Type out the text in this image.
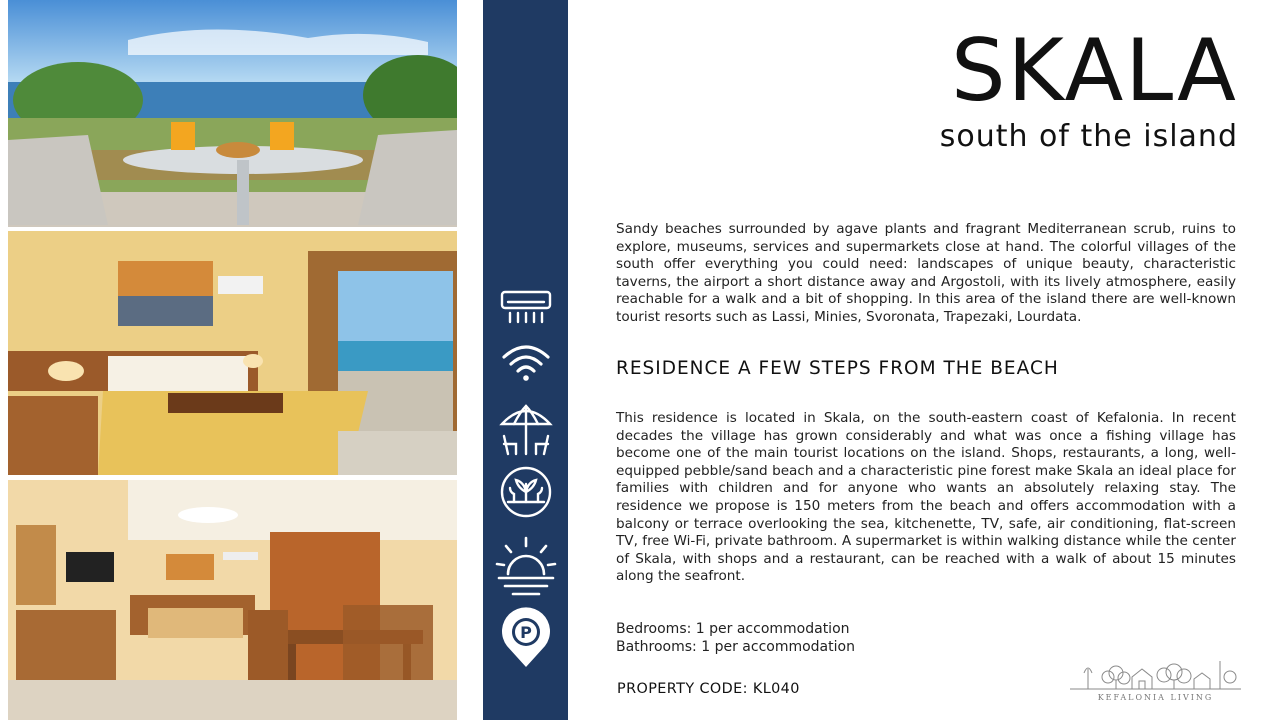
P
SKALA
south of the island

Sandy beaches surrounded by agave plants and fragrant Mediterranean scrub, ruins to explore, museums, services and supermarkets close at hand. The colorful villages of the south offer everything you could need: landscapes of unique beauty, characteristic taverns, the airport a short distance away and Argostoli, with its lively atmosphere, easily reachable for a walk and a bit of shopping. In this area of the island there are well-known tourist resorts such as Lassi, Minies, Svoronata, Trapezaki, Lourdata.

RESIDENCE A FEW STEPS FROM THE BEACH

This residence is located in Skala, on the south-eastern coast of Kefalonia. In recent decades the village has grown considerably and what was once a fishing village has become one of the main tourist locations on the island. Shops, restaurants, a long, well-equipped pebble/sand beach and a characteristic pine forest make Skala an ideal place for families with children and for anyone who wants an absolutely relaxing stay. The residence we propose is 150 meters from the beach and offers accommodation with a balcony or terrace overlooking the sea, kitchenette, TV, safe, air conditioning, flat-screen TV, free Wi-Fi, private bathroom. A supermarket is within walking distance while the center of Skala, with shops and a restaurant, can be reached with a walk of about 15 minutes along the seafront.

Bedrooms: 1 per accommodation
Bathrooms: 1 per accommodation
PROPERTY CODE: KL040
KEFALONIA LIVING
